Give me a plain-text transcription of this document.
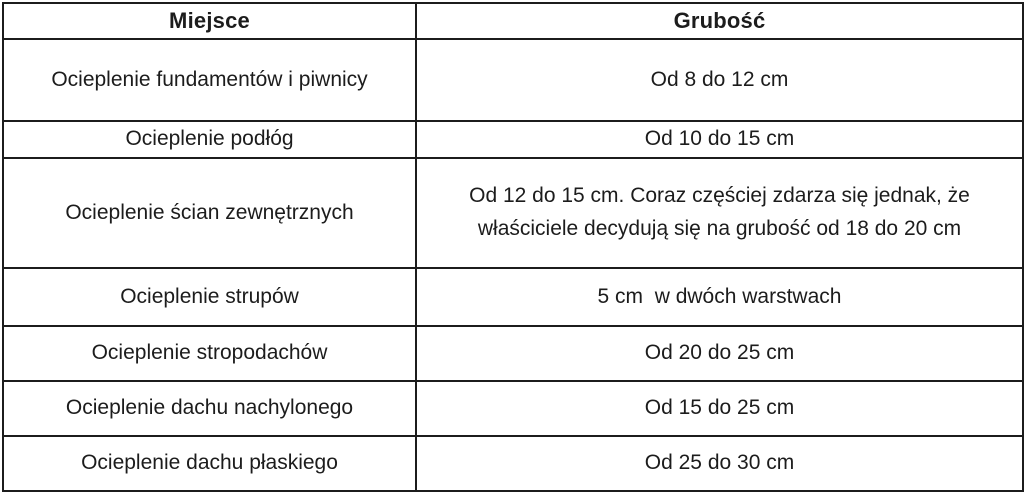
Miejsce	Grubość
Ocieplenie fundamentów i piwnicy	Od 8 do 12 cm
Ocieplenie podłóg	Od 10 do 15 cm
Ocieplenie ścian zewnętrznych	Od 12 do 15 cm. Coraz częściej zdarza się jednak, że właściciele decydują się na grubość od 18 do 20 cm
Ocieplenie strupów	5 cm  w dwóch warstwach
Ocieplenie stropodachów	Od 20 do 25 cm
Ocieplenie dachu nachylonego	Od 15 do 25 cm
Ocieplenie dachu płaskiego	Od 25 do 30 cm
